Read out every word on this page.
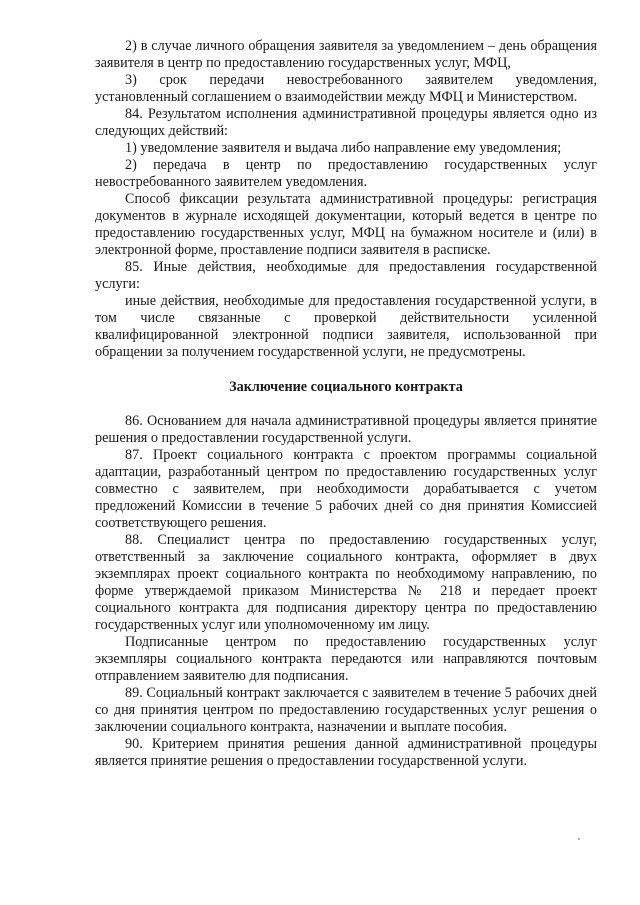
2) в случае личного обращения заявителя за уведомлением – день обращения заявителя в центр по предоставлению государственных услуг, МФЦ,

3) срок передачи невостребованного заявителем уведомления, установленный соглашением о взаимодействии между МФЦ и Министерством.

84. Результатом исполнения административной процедуры является одно из следующих действий:

1) уведомление заявителя и выдача либо направление ему уведомления;

2) передача в центр по предоставлению государственных услуг невостребованного заявителем уведомления.

Способ фиксации результата административной процедуры: регистрация документов в журнале исходящей документации, который ведется в центре по предоставлению государственных услуг, МФЦ на бумажном носителе и (или) в электронной форме, проставление подписи заявителя в расписке.

85. Иные действия, необходимые для предоставления государственной услуги:

иные действия, необходимые для предоставления государственной услуги, в том числе связанные с проверкой действительности усиленной квалифицированной электронной подписи заявителя, использованной при обращении за получением государственной услуги, не предусмотрены.

Заключение социального контракта

86. Основанием для начала административной процедуры является принятие решения о предоставлении государственной услуги.

87. Проект социального контракта с проектом программы социальной адаптации, разработанный центром по предоставлению государственных услуг совместно с заявителем, при необходимости дорабатывается с учетом предложений Комиссии в течение 5 рабочих дней со дня принятия Комиссией соответствующего решения.

88. Специалист центра по предоставлению государственных услуг, ответственный за заключение социального контракта, оформляет в двух экземплярах проект социального контракта по необходимому направлению, по форме утверждаемой приказом Министерства № 218 и передает проект социального контракта для подписания директору центра по предоставлению государственных услуг или уполномоченному им лицу.

Подписанные центром по предоставлению государственных услуг экземпляры социального контракта передаются или направляются почтовым отправлением заявителю для подписания.

89. Социальный контракт заключается с заявителем в течение 5 рабочих дней со дня принятия центром по предоставлению государственных услуг решения о заключении социального контракта, назначении и выплате пособия.

90. Критерием принятия решения данной административной процедуры является принятие решения о предоставлении государственной услуги.
